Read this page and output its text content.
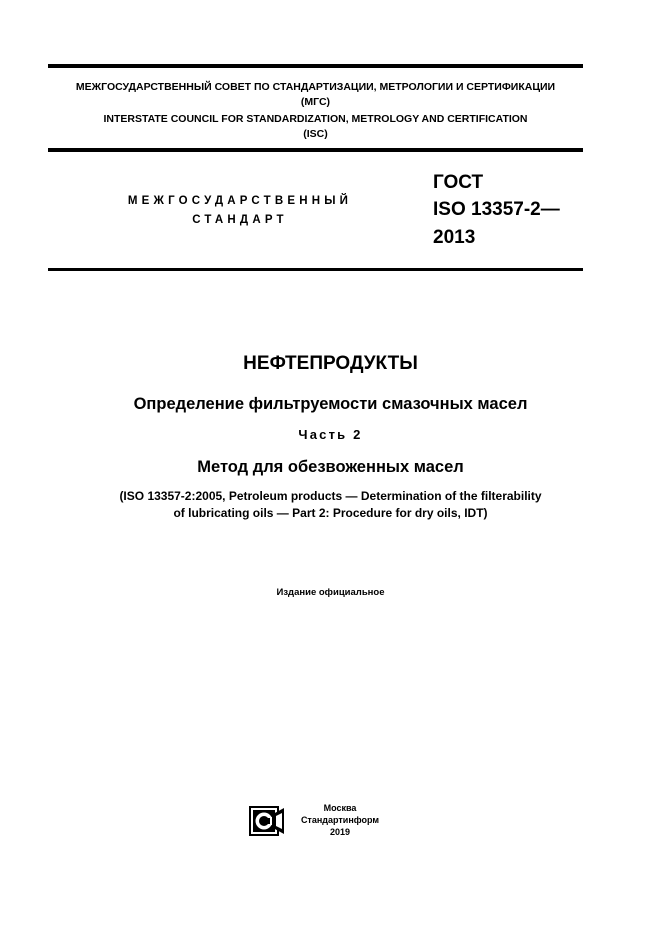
МЕЖГОСУДАРСТВЕННЫЙ СОВЕТ ПО СТАНДАРТИЗАЦИИ, МЕТРОЛОГИИ И СЕРТИФИКАЦИИ
(МГС)
INTERSTATE COUNCIL FOR STANDARDIZATION, METROLOGY AND CERTIFICATION
(ISC)
МЕЖГОСУДАРСТВЕННЫЙ
СТАНДАРТ
ГОСТ
ISO 13357-2—
2013
НЕФТЕПРОДУКТЫ
Определение фильтруемости смазочных масел
Часть 2
Метод для обезвоженных масел
(ISO 13357-2:2005, Petroleum products — Determination of the filterability
of lubricating oils — Part 2: Procedure for dry oils, IDT)
Издание официальное
Москва
Стандартинформ
2019
